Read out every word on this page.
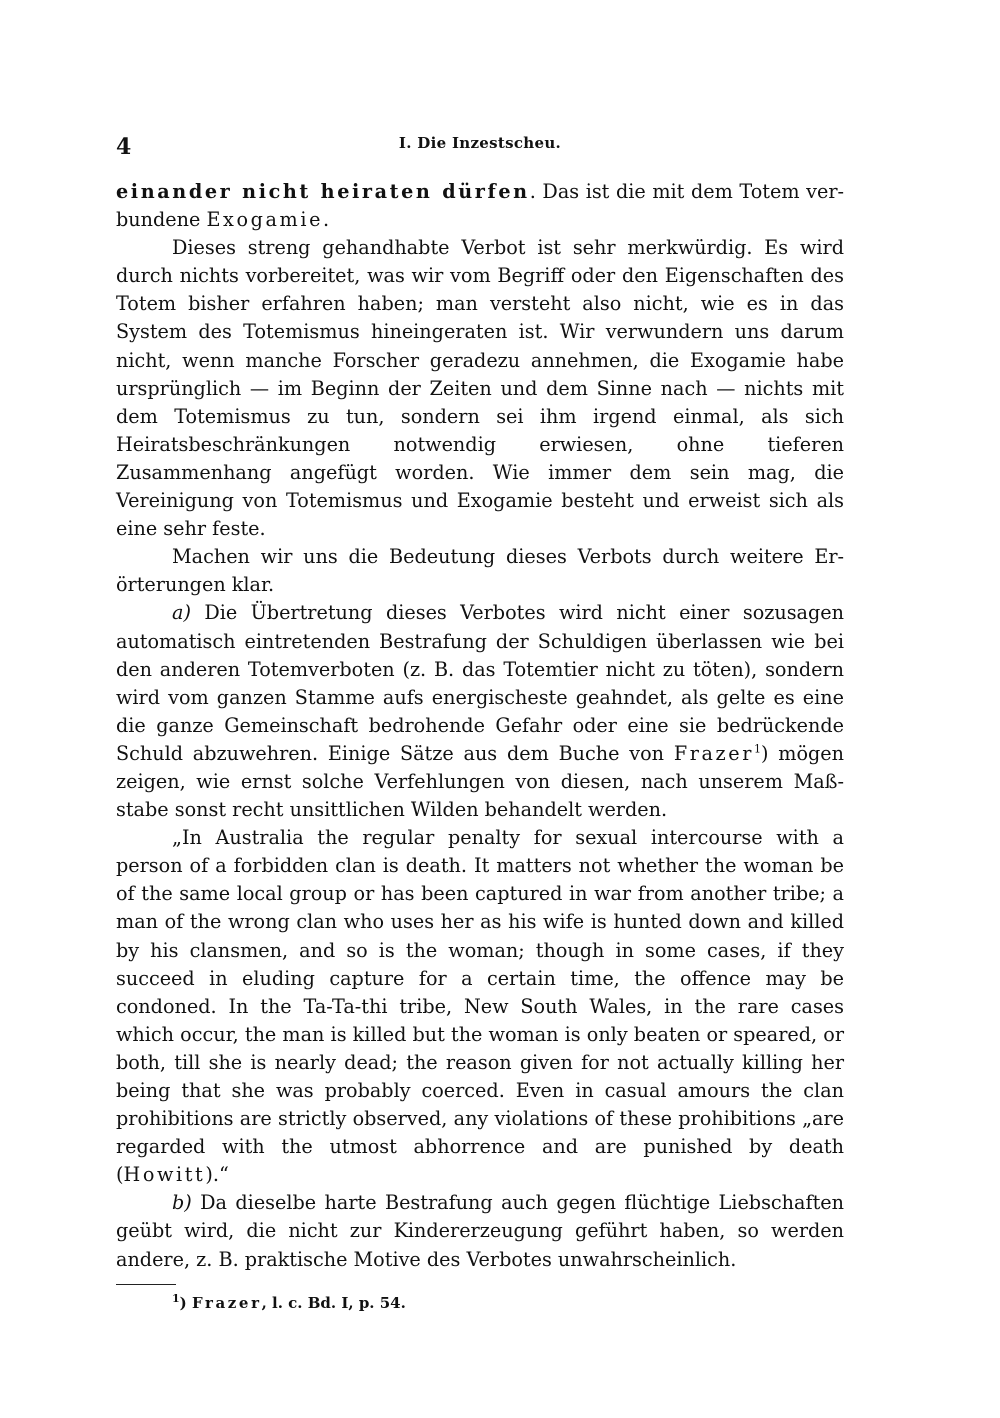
4	I. Die Inzestscheu.

einander nicht heiraten dürfen. Das ist die mit dem Totem verbundene Exogamie.

Dieses streng gehandhabte Verbot ist sehr merkwürdig. Es wird durch nichts vorbereitet, was wir vom Begriff oder den Eigenschaften des Totem bisher erfahren haben; man versteht also nicht, wie es in das System des Totemismus hineingeraten ist. Wir verwundern uns darum nicht, wenn manche Forscher geradezu annehmen, die Exogamie habe ursprünglich — im Beginn der Zeiten und dem Sinne nach — nichts mit dem Totemismus zu tun, sondern sei ihm irgend einmal, als sich Heiratsbeschränkungen notwendig erwiesen, ohne tieferen Zusammenhang angefügt worden. Wie immer dem sein mag, die Vereinigung von Totemismus und Exogamie besteht und erweist sich als eine sehr feste.

Machen wir uns die Bedeutung dieses Verbots durch weitere Erörterungen klar.

a) Die Übertretung dieses Verbotes wird nicht einer sozusagen automatisch eintretenden Bestrafung der Schuldigen überlassen wie bei den anderen Totemverboten (z. B. das Totemtier nicht zu töten), sondern wird vom ganzen Stamme aufs energischeste geahndet, als gelte es eine die ganze Gemeinschaft bedrohende Gefahr oder eine sie bedrückende Schuld abzuwehren. Einige Sätze aus dem Buche von Frazer$^1$) mögen zeigen, wie ernst solche Verfehlungen von diesen, nach unserem Maßstabe sonst recht unsittlichen Wilden behandelt werden.

„In Australia the regular penalty for sexual intercourse with a person of a forbidden clan is death. It matters not whether the woman be of the same local group or has been captured in war from another tribe; a man of the wrong clan who uses her as his wife is hunted down and killed by his clansmen, and so is the woman; though in some cases, if they succeed in eluding capture for a certain time, the offence may be condoned. In the Ta-Ta-thi tribe, New South Wales, in the rare cases which occur, the man is killed but the woman is only beaten or speared, or both, till she is nearly dead; the reason given for not actually killing her being that she was probably coerced. Even in casual amours the clan prohibitions are strictly observed, any violations of these prohibitions „are regarded with the utmost abhorrence and are punished by death (Howitt).“

b) Da dieselbe harte Bestrafung auch gegen flüchtige Liebschaften geübt wird, die nicht zur Kindererzeugung geführt haben, so werden andere, z. B. praktische Motive des Verbotes unwahrscheinlich.

$^1$) Frazer, l. c. Bd. I, p. 54.
